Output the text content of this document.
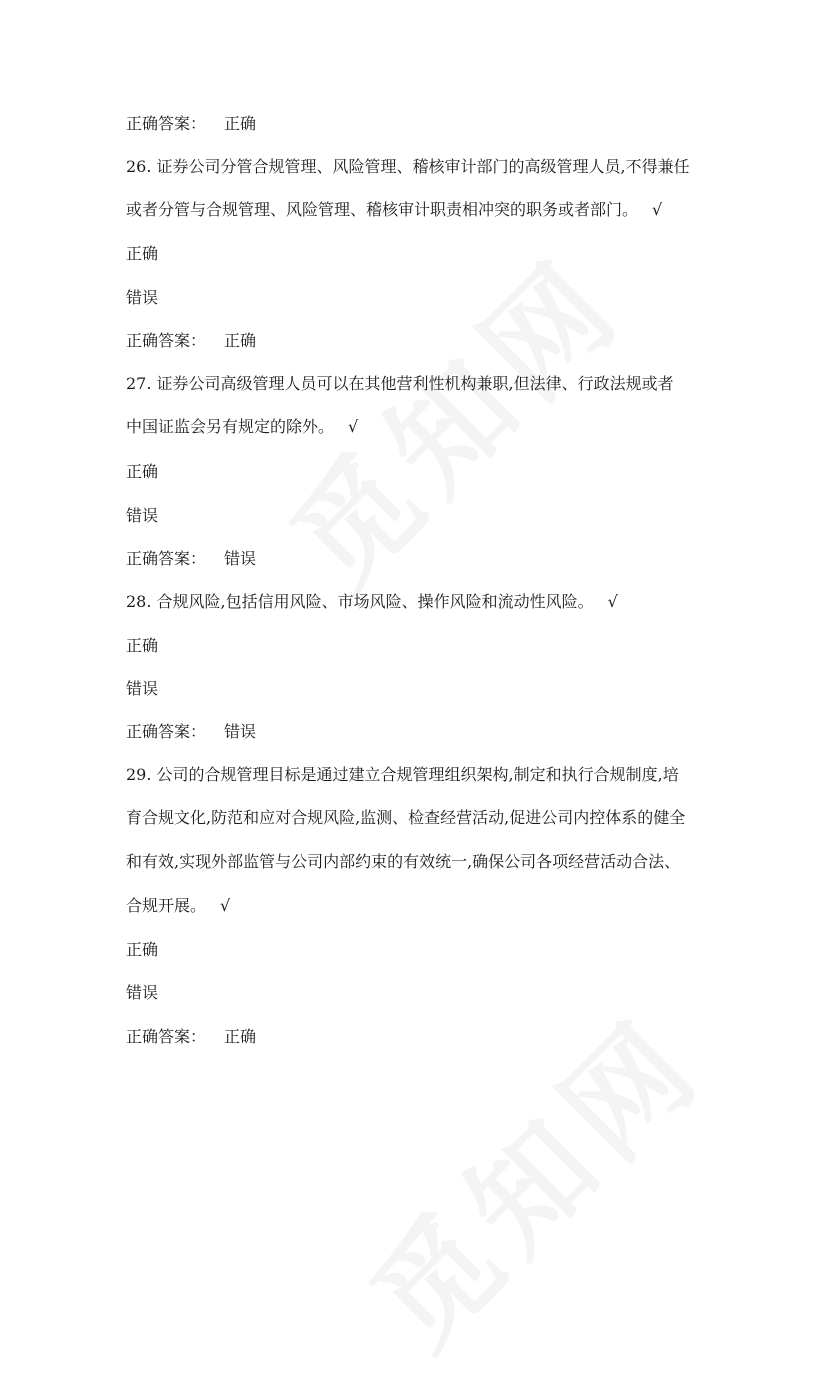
正确答案： 正确
26. 证券公司分管合规管理、风险管理、稽核审计部门的高级管理人员,不得兼任
或者分管与合规管理、风险管理、稽核审计职责相冲突的职务或者部门。 √
正确
错误
正确答案： 正确
27. 证券公司高级管理人员可以在其他营利性机构兼职,但法律、行政法规或者
中国证监会另有规定的除外。 √
正确
错误
正确答案： 错误
28. 合规风险,包括信用风险、市场风险、操作风险和流动性风险。 √
正确
错误
正确答案： 错误
29. 公司的合规管理目标是通过建立合规管理组织架构,制定和执行合规制度,培
育合规文化,防范和应对合规风险,监测、检查经营活动,促进公司内控体系的健全
和有效,实现外部监管与公司内部约束的有效统一,确保公司各项经营活动合法、
合规开展。 √
正确
错误
正确答案： 正确
